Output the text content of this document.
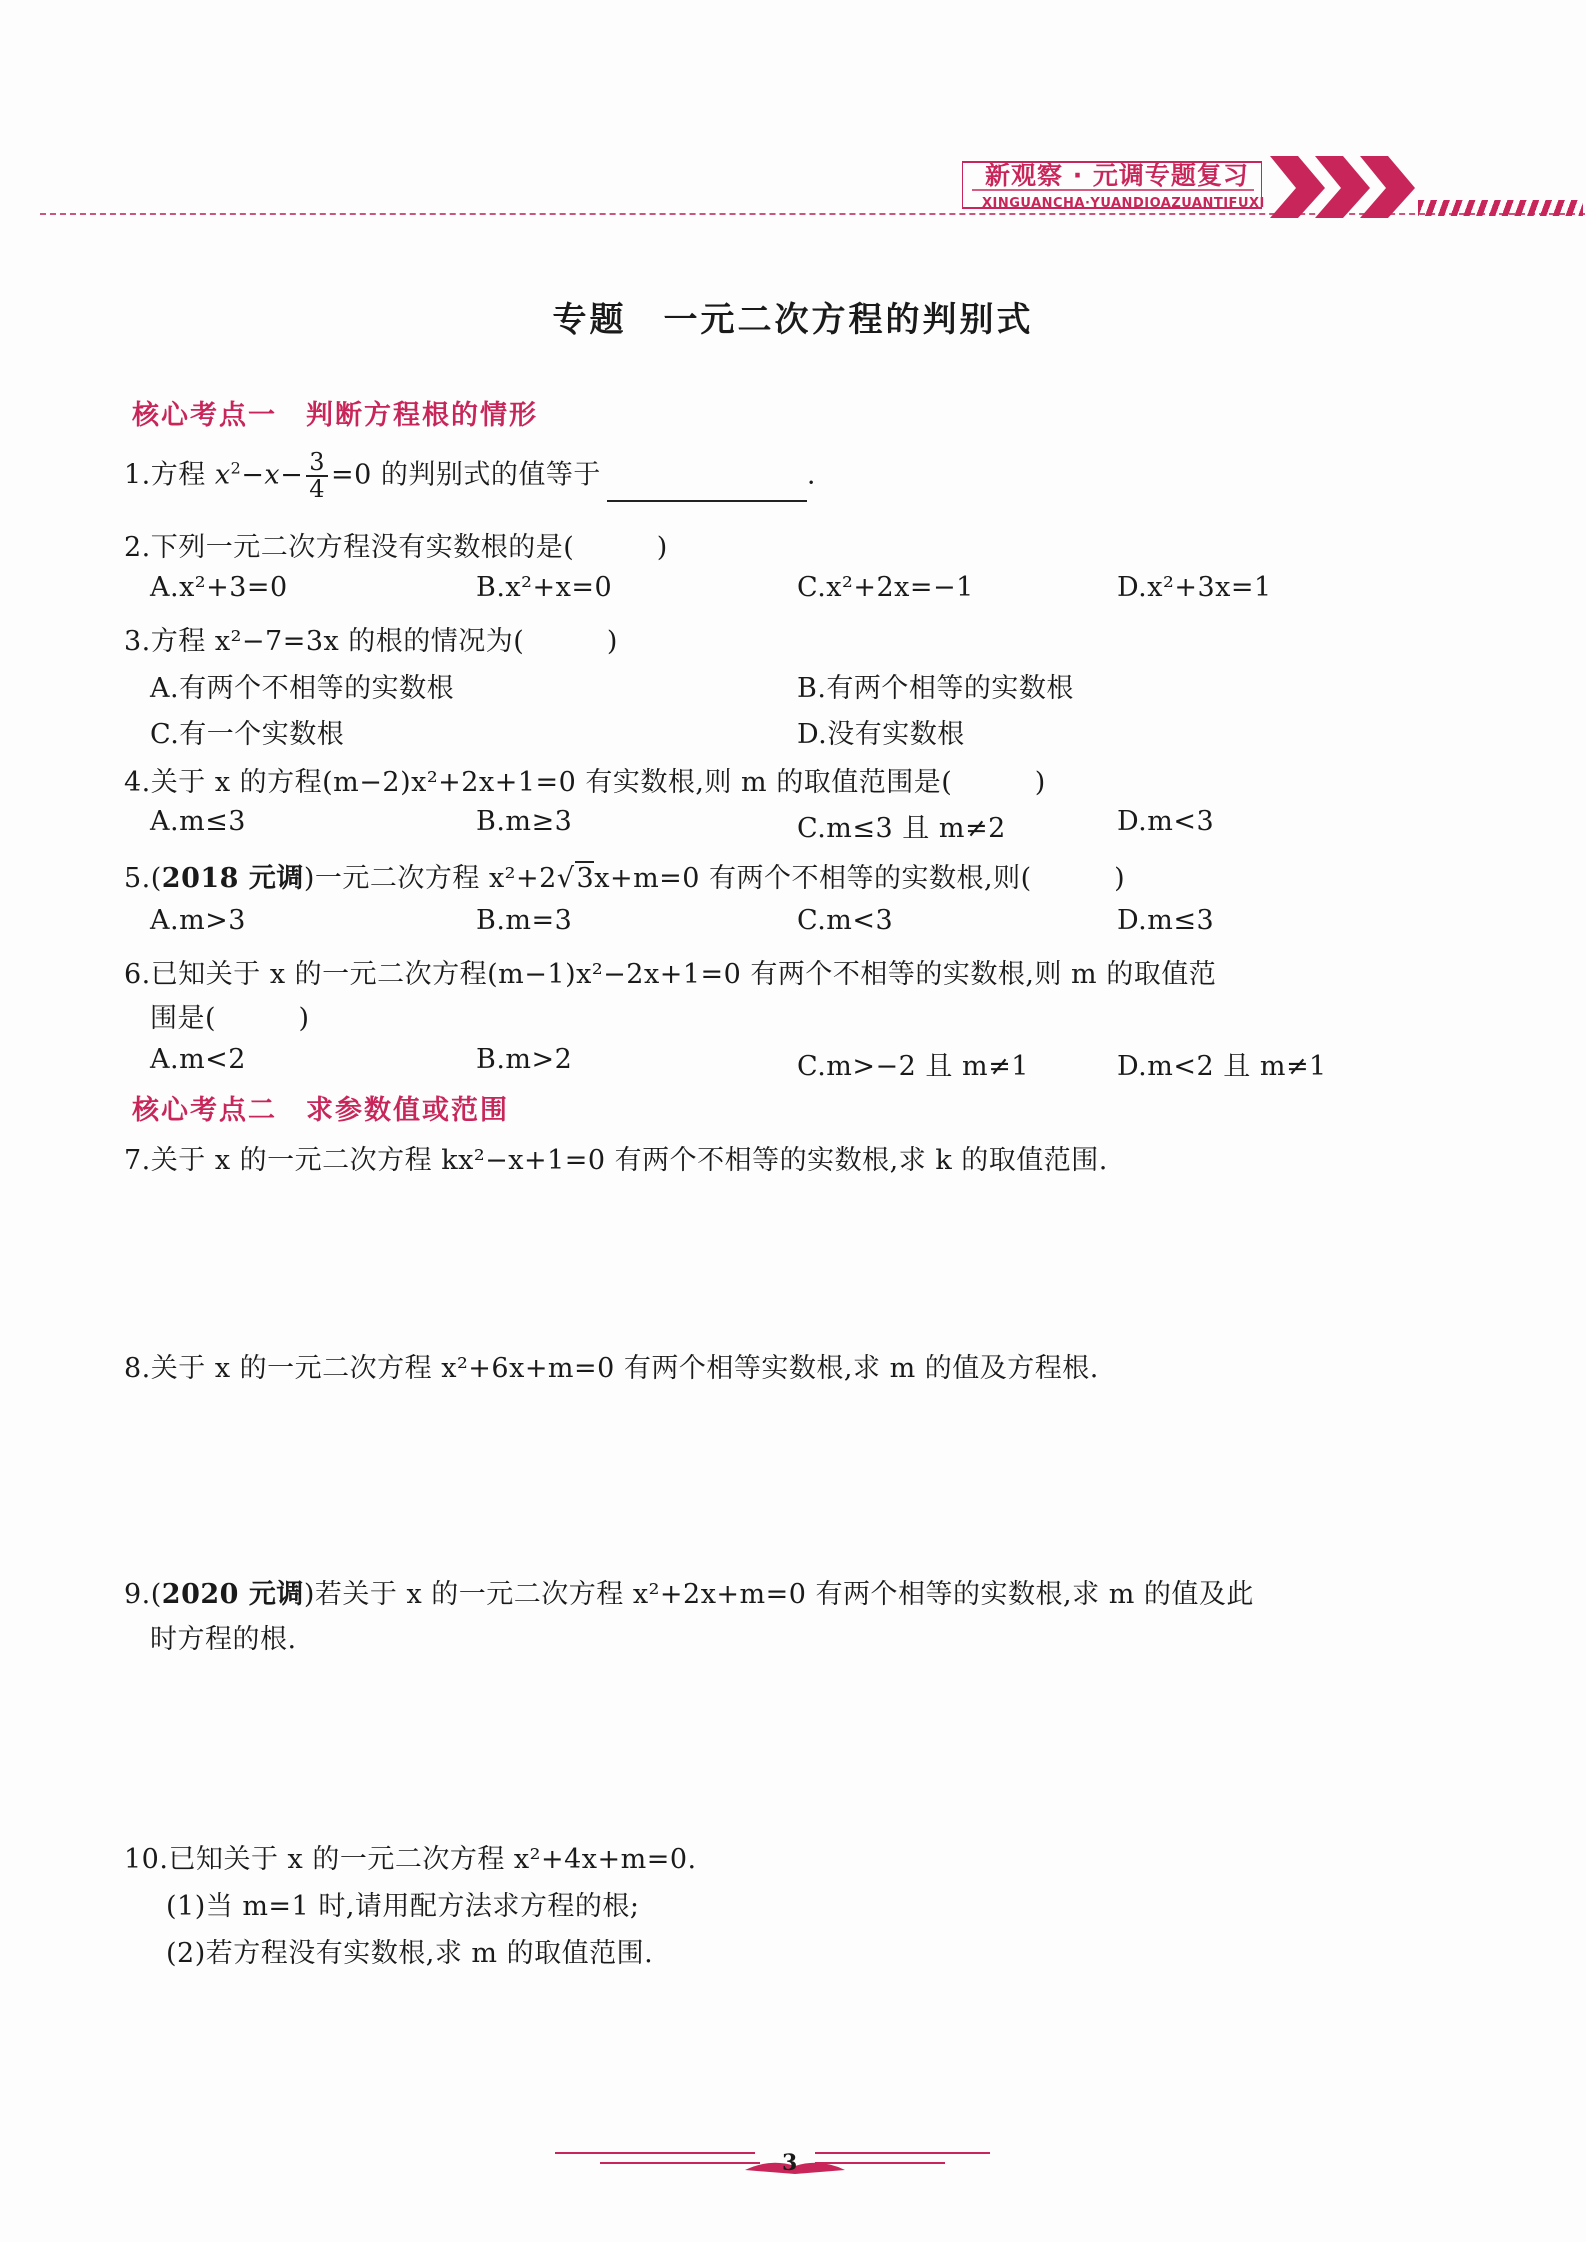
新观察 · 元调专题复习
XINGUANCHA·YUANDIOAZUANTIFUXI
专题　一元二次方程的判别式
核心考点一　判断方程根的情形
1.方程 $x^2-x- \frac{3}{4} =0$ 的判别式的值等于	.
2.下列一元二次方程没有实数根的是(　　　)
A.x²+3=0	B.x²+x=0	C.x²+2x=−1	D.x²+3x=1
3.方程 x²−7=3x 的根的情况为(　　　)
A.有两个不相等的实数根	B.有两个相等的实数根
C.有一个实数根	D.没有实数根
4.关于 x 的方程(m−2)x²+2x+1=0 有实数根,则 m 的取值范围是(　　　)
A.m≤3	B.m≥3	C.m≤3 且 m≠2	D.m<3
5.(2018 元调)一元二次方程 x²+2√3x+m=0 有两个不相等的实数根,则(　　　)
A.m>3	B.m=3	C.m<3	D.m≤3
6.已知关于 x 的一元二次方程(m−1)x²−2x+1=0 有两个不相等的实数根,则 m 的取值范
围是(　　　)
A.m<2	B.m>2	C.m>−2 且 m≠1	D.m<2 且 m≠1
核心考点二　求参数值或范围
7.关于 x 的一元二次方程 kx²−x+1=0 有两个不相等的实数根,求 k 的取值范围.
8.关于 x 的一元二次方程 x²+6x+m=0 有两个相等实数根,求 m 的值及方程根.
9.(2020 元调)若关于 x 的一元二次方程 x²+2x+m=0 有两个相等的实数根,求 m 的值及此
时方程的根.
10.已知关于 x 的一元二次方程 x²+4x+m=0.
(1)当 m=1 时,请用配方法求方程的根;
(2)若方程没有实数根,求 m 的取值范围.
3
